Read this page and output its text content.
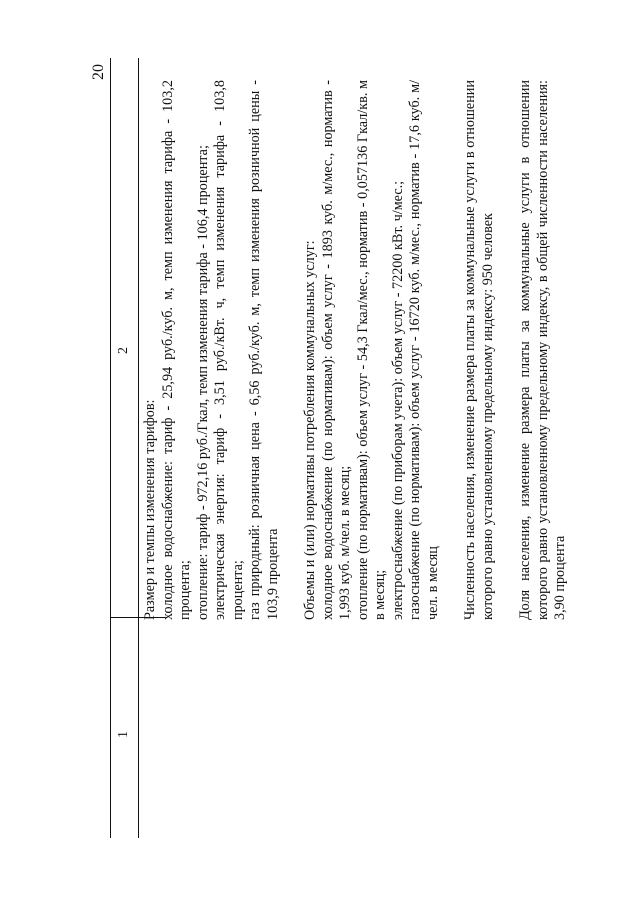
20
1
2

Размер и темпы изменения тарифов: холодное водоснабжение: тариф - 25,94 руб./куб. м, темп изменения тарифа - 103,2 процента; отопление: тариф - 972,16 руб./Гкал, темп изменения тарифа - 106,4 процента; электрическая энергия: тариф - 3,51 руб./кВт. ч, темп изменения тарифа - 103,8 процента; газ природный: розничная цена - 6,56 руб./куб. м, темп изменения розничной цены - 103,9 процента Объемы и (или) нормативы потребления коммунальных услуг: холодное водоснабжение (по нормативам): объем услуг - 1893 куб. м/мес., норматив - 1,993 куб. м/чел. в месяц; отопление (по нормативам): объем услуг - 54,3 Гкал/мес., норматив - 0,057136 Гкал/кв. м в месяц; электроснабжение (по приборам учета): объем услуг - 72200 кВт. ч/мес.; газоснабжение (по нормативам): объем услуг - 16720 куб. м/мес., норматив - 17,6 куб. м/чел. в месяц Численность населения, изменение размера платы за коммунальные услуги в отношении которого равно установленному предельному индексу: 950 человек Доля населения, изменение размера платы за коммунальные услуги в отношении которого равно установленному предельному индексу, в общей численности населения: 3,90 процента
